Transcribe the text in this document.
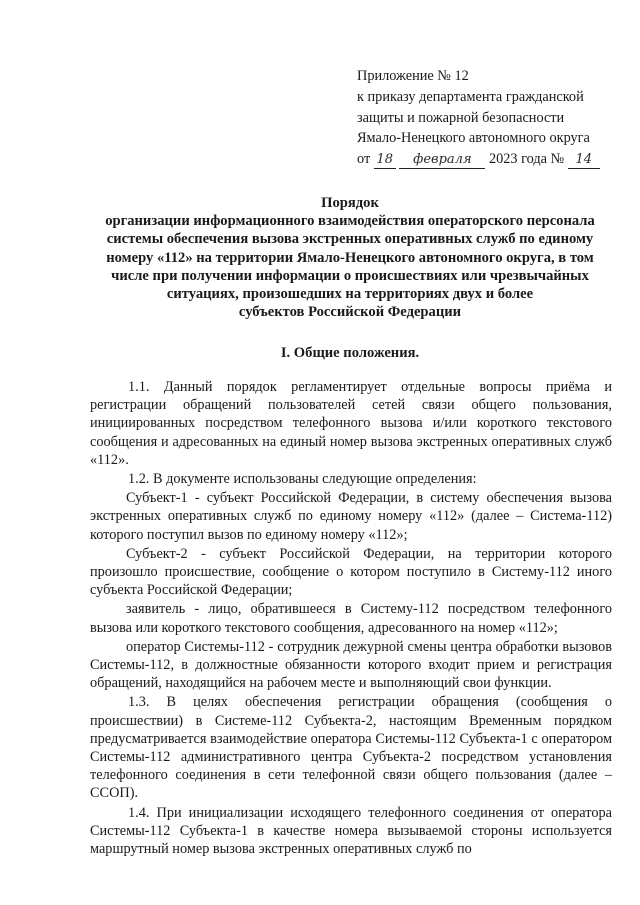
Приложение № 12
к приказу департамента гражданской
защиты и пожарной безопасности
Ямало-Ненецкого автономного округа
от 18 февраля 2023 года № 14
Порядок
организации информационного взаимодействия операторского персонала
системы обеспечения вызова экстренных оперативных служб по единому
номеру «112» на территории Ямало-Ненецкого автономного округа, в том
числе при получении информации о происшествиях или чрезвычайных
ситуациях, произошедших на территориях двух и более
субъектов Российской Федерации
I. Общие положения.

1.1. Данный порядок регламентирует отдельные вопросы приёма и регистрации обращений пользователей сетей связи общего пользования, инициированных посредством телефонного вызова и/или короткого текстового сообщения и адресованных на единый номер вызова экстренных оперативных служб «112».

1.2. В документе использованы следующие определения:

Субъект-1 - субъект Российской Федерации, в систему обеспечения вызова экстренных оперативных служб по единому номеру «112» (далее – Система-112) которого поступил вызов по единому номеру «112»;

Субъект-2 - субъект Российской Федерации, на территории которого произошло происшествие, сообщение о котором поступило в Систему-112 иного субъекта Российской Федерации;

заявитель - лицо, обратившееся в Систему-112 посредством телефонного вызова или короткого текстового сообщения, адресованного на номер «112»;

оператор Системы-112 - сотрудник дежурной смены центра обработки вызовов Системы-112, в должностные обязанности которого входит прием и регистрация обращений, находящийся на рабочем месте и выполняющий свои функции.

1.3. В целях обеспечения регистрации обращения (сообщения о происшествии) в Системе-112 Субъекта-2, настоящим Временным порядком предусматривается взаимодействие оператора Системы-112 Субъекта-1 с оператором Системы-112 административного центра Субъекта-2 посредством установления телефонного соединения в сети телефонной связи общего пользования (далее – ССОП).

1.4. При инициализации исходящего телефонного соединения от оператора Системы-112 Субъекта-1 в качестве номера вызываемой стороны используется маршрутный номер вызова экстренных оперативных служб по
